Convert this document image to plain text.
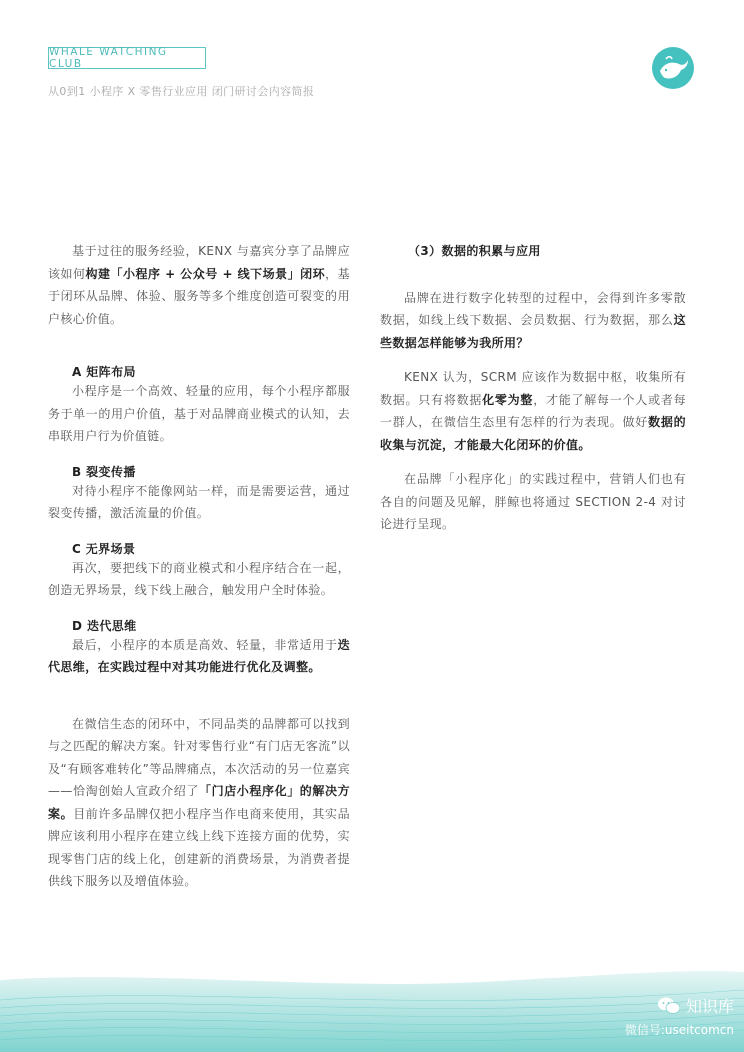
WHALE WATCHING CLUB
从0到1 小程序 X 零售行业应用 闭门研讨会内容简报

基于过往的服务经验，KENX 与嘉宾分享了品牌应该如何构建「小程序 + 公众号 + 线下场景」闭环，基于闭环从品牌、体验、服务等多个维度创造可裂变的用户核心价值。

A 矩阵布局
小程序是一个高效、轻量的应用，每个小程序都服务于单一的用户价值，基于对品牌商业模式的认知，去串联用户行为价值链。

B 裂变传播
对待小程序不能像网站一样，而是需要运营，通过裂变传播，激活流量的价值。

C 无界场景
再次，要把线下的商业模式和小程序结合在一起，创造无界场景，线下线上融合，触发用户全时体验。

D 迭代思维
最后，小程序的本质是高效、轻量，非常适用于迭代思维，在实践过程中对其功能进行优化及调整。

在微信生态的闭环中，不同品类的品牌都可以找到与之匹配的解决方案。针对零售行业“有门店无客流”以及“有顾客难转化”等品牌痛点，本次活动的另一位嘉宾——恰淘创始人宣政介绍了「门店小程序化」的解决方案。目前许多品牌仅把小程序当作电商来使用，其实品牌应该利用小程序在建立线上线下连接方面的优势，实现零售门店的线上化，创建新的消费场景，为消费者提供线下服务以及增值体验。

（3）数据的积累与应用

品牌在进行数字化转型的过程中，会得到许多零散数据，如线上线下数据、会员数据、行为数据，那么这些数据怎样能够为我所用？

KENX 认为，SCRM 应该作为数据中枢，收集所有数据。只有将数据化零为整，才能了解每一个人或者每一群人，在微信生态里有怎样的行为表现。做好数据的收集与沉淀，才能最大化闭环的价值。

在品牌「小程序化」的实践过程中，营销人们也有各自的问题及见解，胖鲸也将通过 SECTION 2-4 对讨论进行呈现。

知识库
微信号:useitcomcn
